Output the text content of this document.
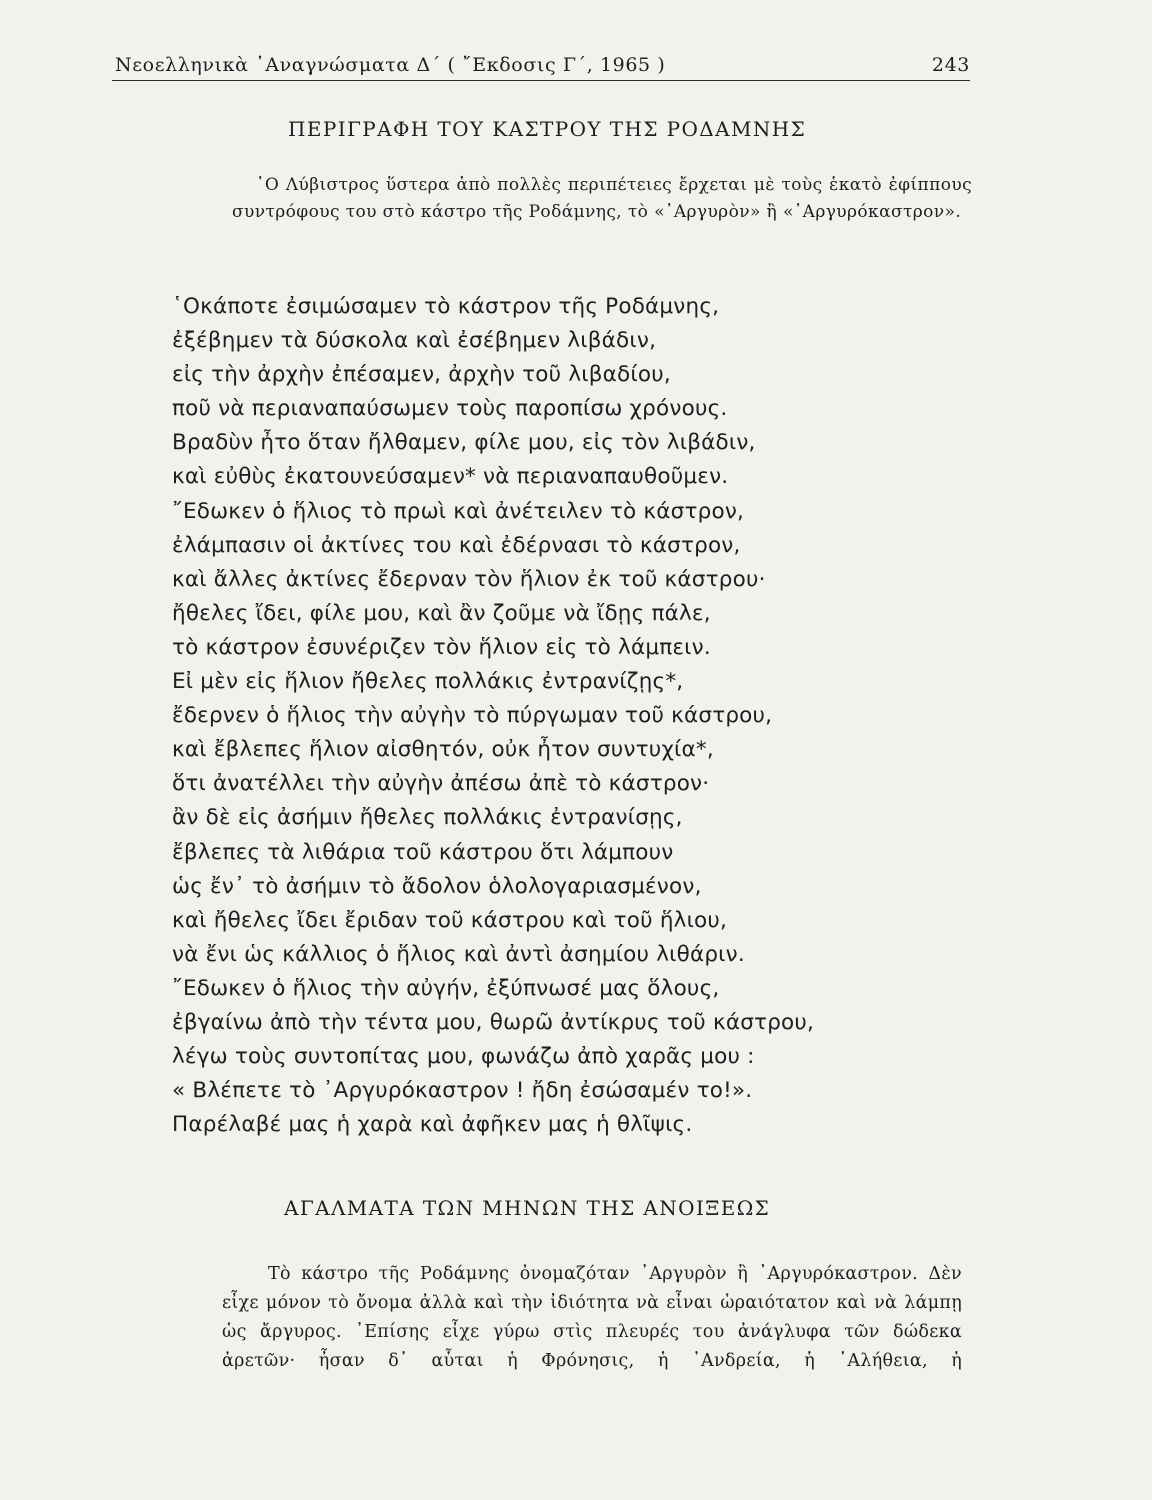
Νεοελληνικὰ ᾿Αναγνώσματα Δ΄ ( ῎Εκδοσις Γ΄, 1965 )	243
ΠΕΡΙΓΡΑΦΗ ΤΟΥ ΚΑΣΤΡΟΥ ΤΗΣ ΡΟΔΑΜΝΗΣ

῾Ο Λύβιστρος ὕστερα ἀπὸ πολλὲς περιπέτειες ἔρχεται μὲ τοὺς ἑκατὸ ἐφίππους συντρόφους του στὸ κάστρο τῆς Ροδάμνης, τὸ «᾿Αργυρὸν» ἢ «᾿Αργυρόκαστρον».

῾Οκάποτε ἐσιμώσαμεν τὸ κάστρον τῆς Ροδάμνης,
ἐξέβημεν τὰ δύσκολα καὶ ἐσέβημεν λιβάδιν,
εἰς τὴν ἀρχὴν ἐπέσαμεν, ἀρχὴν τοῦ λιβαδίου,
ποῦ νὰ περιαναπαύσωμεν τοὺς παροπίσω χρόνους.
Βραδὺν ἦτο ὅταν ἤλθαμεν, φίλε μου, εἰς τὸν λιβάδιν,
καὶ εὐθὺς ἐκατουνεύσαμεν* νὰ περιαναπαυθοῦμεν.
῎Εδωκεν ὁ ἥλιος τὸ πρωὶ καὶ ἀνέτειλεν τὸ κάστρον,
ἐλάμπασιν οἱ ἀκτίνες του καὶ ἐδέρνασι τὸ κάστρον,
καὶ ἄλλες ἀκτίνες ἔδερναν τὸν ἥλιον ἐκ τοῦ κάστρου·
ἤθελες ἴδει, φίλε μου, καὶ ἂν ζοῦμε νὰ ἴδῃς πάλε,
τὸ κάστρον ἐσυνέριζεν τὸν ἥλιον εἰς τὸ λάμπειν.
Εἰ μὲν εἰς ἥλιον ἤθελες πολλάκις ἐντρανίζῃς*,
ἔδερνεν ὁ ἥλιος τὴν αὐγὴν τὸ πύργωμαν τοῦ κάστρου,
καὶ ἔβλεπες ἥλιον αἰσθητόν, οὐκ ἦτον συντυχία*,
ὅτι ἀνατέλλει τὴν αὐγὴν ἀπέσω ἀπὲ τὸ κάστρον·
ἂν δὲ εἰς ἀσήμιν ἤθελες πολλάκις ἐντρανίσῃς,
ἔβλεπες τὰ λιθάρια τοῦ κάστρου ὅτι λάμπουν
ὡς ἔν᾿ τὸ ἀσήμιν τὸ ἄδολον ὁλολογαριασμένον,
καὶ ἤθελες ἴδει ἔριδαν τοῦ κάστρου καὶ τοῦ ἥλιου,
νὰ ἔνι ὡς κάλλιος ὁ ἥλιος καὶ ἀντὶ ἀσημίου λιθάριν.
῎Εδωκεν ὁ ἥλιος τὴν αὐγήν, ἐξύπνωσέ μας ὅλους,
ἐβγαίνω ἀπὸ τὴν τέντα μου, θωρῶ ἀντίκρυς τοῦ κάστρου,
λέγω τοὺς συντοπίτας μου, φωνάζω ἀπὸ χαρᾶς μου :
« Βλέπετε τὸ ᾿Αργυρόκαστρον ! ἤδη ἐσώσαμέν το!».
Παρέλαβέ μας ἡ χαρὰ καὶ ἀφῆκεν μας ἡ θλῖψις.
ΑΓΑΛΜΑΤΑ ΤΩΝ ΜΗΝΩΝ ΤΗΣ ΑΝΟΙΞΕΩΣ

Τὸ κάστρο τῆς Ροδάμνης ὀνομαζόταν ᾿Αργυρὸν ἢ ᾿Αργυρόκαστρον. Δὲν εἶχε μόνον τὸ ὄνομα ἀλλὰ καὶ τὴν ἰδιότητα νὰ εἶναι ὡραιότατον καὶ νὰ λάμπῃ ὡς ἄργυρος. ᾿Επίσης εἶχε γύρω στὶς πλευρές του ἀνάγλυφα τῶν δώδεκα ἀρετῶν· ἦσαν δ᾿ αὗται ἡ Φρόνησις, ἡ ᾿Ανδρεία, ἡ ᾿Αλήθεια, ἡ
